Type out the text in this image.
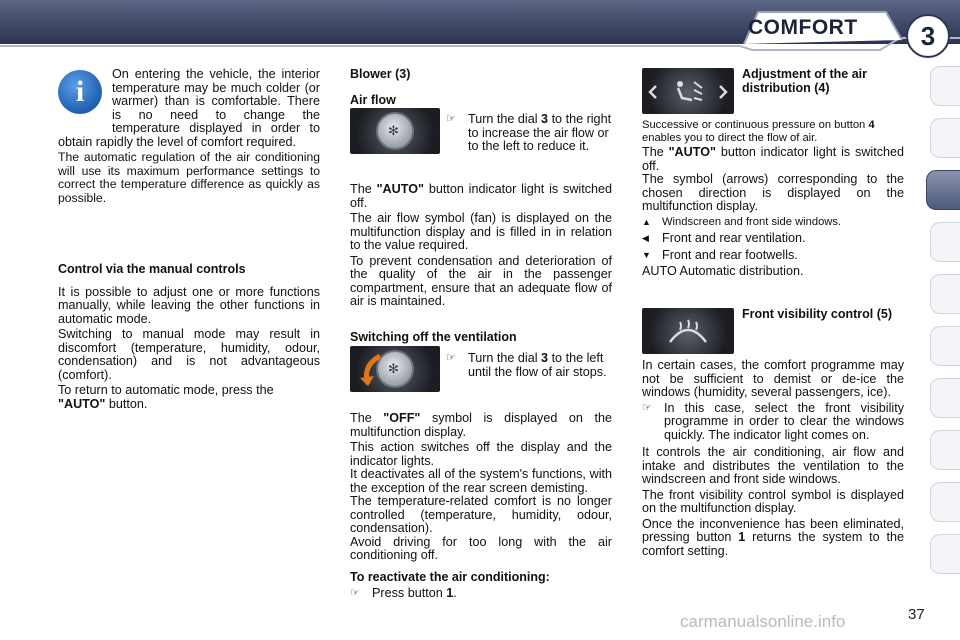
COMFORT	3
i

On entering the vehicle, the interior temperature may be much colder (or warmer) than is comfortable. There is no need to change the temperature displayed in order to obtain rapidly the level of comfort required.

The automatic regulation of the air conditioning will use its maximum performance settings to correct the temperature difference as quickly as possible.

Control via the manual controls

It is possible to adjust one or more functions manually, while leaving the other functions in automatic mode.

Switching to manual mode may result in discomfort (temperature, humidity, odour, condensation) and is not advantageous (comfort).

To return to automatic mode, press the "AUTO" button.

Blower (3)

Air flow

☞ Turn the dial 3 to the right to increase the air flow or to the left to reduce it.

The "AUTO" button indicator light is switched off.

The air flow symbol (fan) is displayed on the multifunction display and is filled in in relation to the value required.

To prevent condensation and deterioration of the quality of the air in the passenger compartment, ensure that an adequate flow of air is maintained.

Switching off the ventilation

☞ Turn the dial 3 to the left until the flow of air stops.

The "OFF" symbol is displayed on the multifunction display.

This action switches off the display and the indicator lights.

It deactivates all of the system's functions, with the exception of the rear screen demisting.

The temperature-related comfort is no longer controlled (temperature, humidity, odour, condensation).

Avoid driving for too long with the air conditioning off.

To reactivate the air conditioning:

☞ Press button 1.
✻
✻

Adjustment of the air distribution (4)

Successive or continuous pressure on button 4 enables you to direct the flow of air.

The "AUTO" button indicator light is switched off.

The symbol (arrows) corresponding to the chosen direction is displayed on the multifunction display.

▲ Windscreen and front side windows.
◀	Front and rear ventilation.
▼ Front and rear footwells.

AUTO Automatic distribution.

Front visibility control (5)

In certain cases, the comfort programme may not be sufficient to demist or de-ice the windows (humidity, several passengers, ice).

☞ In this case, select the front visibility programme in order to clear the windows quickly. The indicator light comes on.

It controls the air conditioning, air flow and intake and distributes the ventilation to the windscreen and front side windows.

The front visibility control symbol is displayed on the multifunction display.

Once the inconvenience has been eliminated, pressing button 1 returns the system to the comfort setting.

37
carmanualsonline.info
